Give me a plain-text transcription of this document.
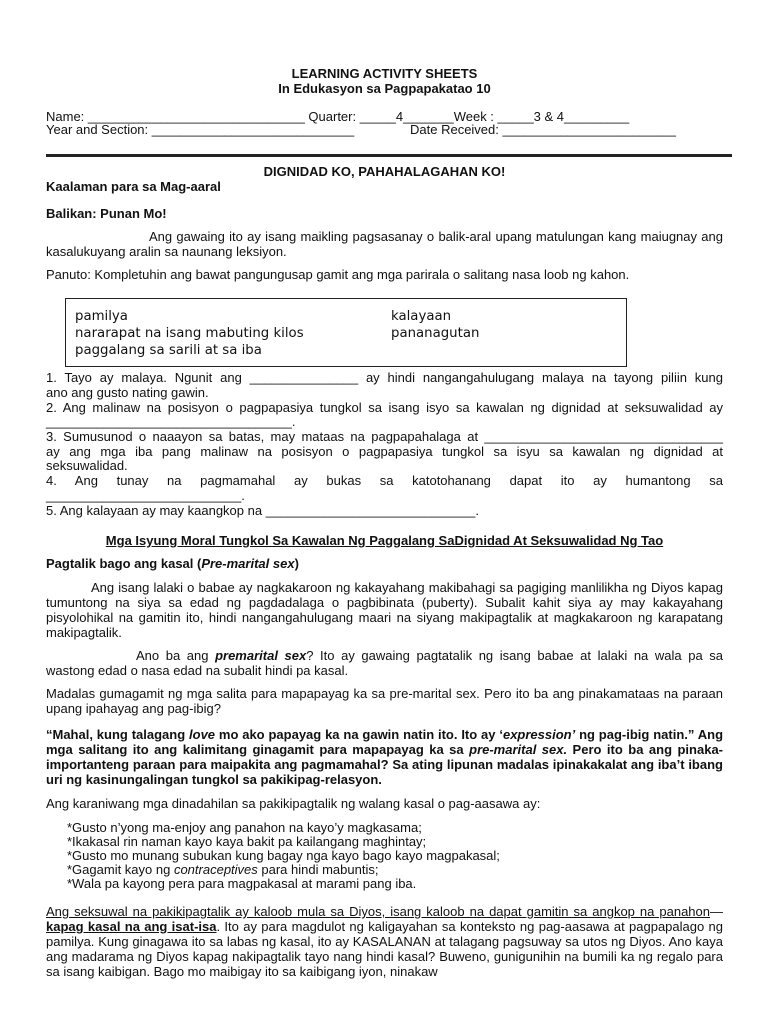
LEARNING ACTIVITY SHEETS
In Edukasyon sa Pagpapakatao 10
Name: ______________________________ Quarter: _____4_______Week : _____3 & 4_________
Year and Section: ____________________________	Date Received: ________________________
DIGNIDAD KO, PAHAHALAGAHAN KO!
Kaalaman para sa Mag-aaral
Balikan: Punan Mo!
Ang gawaing ito ay isang maikling pagsasanay o balik-aral upang matulungan kang maiugnay ang kasalukuyang aralin sa naunang leksiyon.
Panuto: Kompletuhin ang bawat pangungusap gamit ang mga parirala o salitang nasa loob ng kahon.
pamilya
nararapat na isang mabuting kilos
paggalang sa sarili at sa iba
kalayaan
pananagutan
1. Tayo ay malaya. Ngunit ang _______________ ay hindi nangangahulugang malaya na tayong piliin kung
ano ang gusto nating gawin.
2. Ang malinaw na posisyon o pagpapasiya tungkol sa isang isyo sa kawalan ng dignidad at seksuwalidad ay
__________________________________.
3. Sumusunod o naaayon sa batas, may mataas na pagpapahalaga at _________________________________
ay ang mga iba pang malinaw na posisyon o pagpapasiya tungkol sa isyu sa kawalan ng dignidad at
seksuwalidad.
4.   Ang   tunay   na   pagmamahal   ay   bukas   sa   katotohanang   dapat   ito   ay   humantong   sa
___________________________.
5. Ang kalayaan ay may kaangkop na _____________________________.
Mga Isyung Moral Tungkol Sa Kawalan Ng Paggalang SaDignidad At Seksuwalidad Ng Tao
Pagtalik bago ang kasal (Pre-marital sex)
Ang isang lalaki o babae ay nagkakaroon ng kakayahang makibahagi sa pagiging manlilikha ng Diyos kapag tumuntong na siya sa edad ng pagdadalaga o pagbibinata (puberty). Subalit kahit siya ay may kakayahang pisyolohikal na gamitin ito, hindi nangangahulugang maari na siyang makipagtalik at magkakaroon ng karapatang makipagtalik.
Ano ba ang premarital sex? Ito ay gawaing pagtatalik ng isang babae at lalaki na wala pa sa wastong edad o nasa edad na subalit hindi pa kasal.
Madalas gumagamit ng mga salita para mapapayag ka sa pre-marital sex. Pero ito ba ang pinakamataas na paraan upang ipahayag ang pag-ibig?
“Mahal, kung talagang love mo ako papayag ka na gawin natin ito. Ito ay ‘expression’ ng pag-ibig natin.” Ang mga salitang ito ang kalimitang ginagamit para mapapayag ka sa pre-marital sex. Pero ito ba ang pinaka-importanteng paraan para maipakita ang pagmamahal? Sa ating lipunan madalas ipinakakalat ang iba’t ibang uri ng kasinungalingan tungkol sa pakikipag-relasyon.
Ang karaniwang mga dinadahilan sa pakikipagtalik ng walang kasal o pag-aasawa ay:
*Gusto n’yong ma-enjoy ang panahon na kayo’y magkasama;
*Ikakasal rin naman kayo kaya bakit pa kailangang maghintay;
*Gusto mo munang subukan kung bagay nga kayo bago kayo magpakasal;
*Gagamit kayo ng contraceptives para hindi mabuntis;
*Wala pa kayong pera para magpakasal at marami pang iba.
Ang seksuwal na pakikipagtalik ay kaloob mula sa Diyos, isang kaloob na dapat gamitin sa angkop na panahon—kapag kasal na ang isat-isa. Ito ay para magdulot ng kaligayahan sa konteksto ng pag-aasawa at pagpapalago ng pamilya. Kung ginagawa ito sa labas ng kasal, ito ay KASALANAN at talagang pagsuway sa utos ng Diyos. Ano kaya ang madarama ng Diyos kapag nakipagtalik tayo nang hindi kasal? Buweno, gunigunihin na bumili ka ng regalo para sa isang kaibigan. Bago mo maibigay ito sa kaibigang iyon, ninakaw
